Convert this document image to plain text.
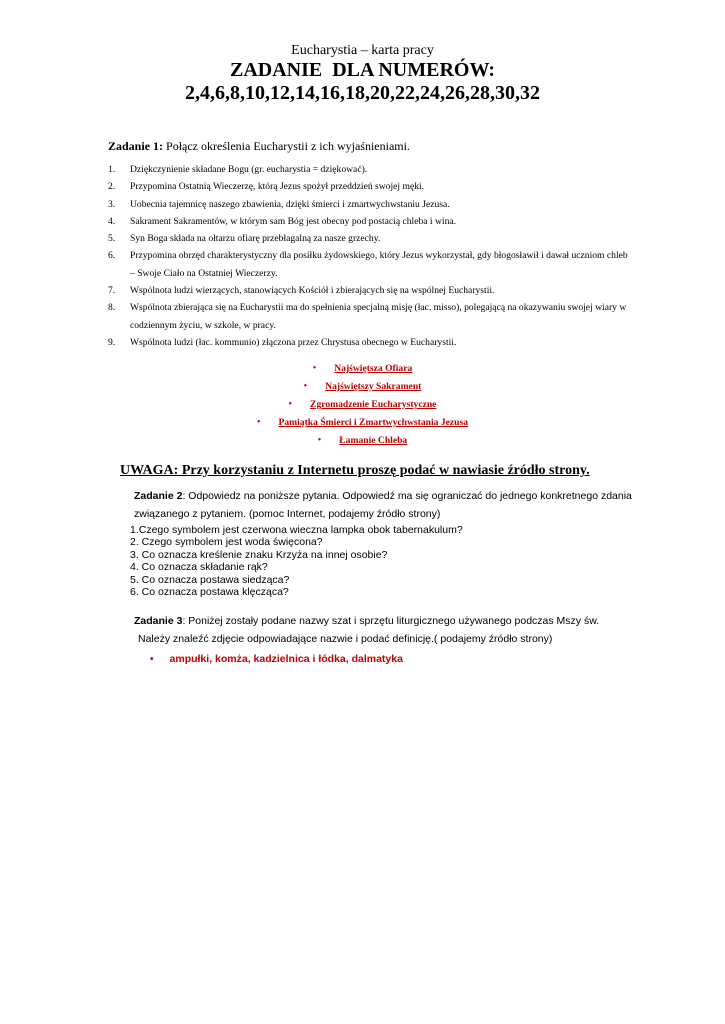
Eucharystia – karta pracy
ZADANIE  DLA NUMERÓW:
2,4,6,8,10,12,14,16,18,20,22,24,26,28,30,32
Zadanie 1: Połącz określenia Eucharystii z ich wyjaśnieniami.
1. Dziękczynienie składane Bogu (gr. eucharystia = dziękować).
2. Przypomina Ostatnią Wieczerzę, którą Jezus spożył przeddzień swojej męki.
3. Uobecnia tajemnicę naszego zbawienia, dzięki śmierci i zmartwychwstaniu Jezusa.
4. Sakrament Sakramentów, w którym sam Bóg jest obecny pod postacią chleba i wina.
5. Syn Boga składa na ołtarzu ofiarę przebłagalną za nasze grzechy.
6. Przypomina obrzęd charakterystyczny dla posiłku żydowskiego, który Jezus wykorzystał, gdy błogosławił i dawał uczniom chleb
– Swoje Ciało na Ostatniej Wieczerzy.
7. Wspólnota ludzi wierzących, stanowiących Kościół i zbierających się na wspólnej Eucharystii.
8. Wspólnota zbierająca się na Eucharystii ma do spełnienia specjalną misję (łac. misso), polegającą na okazywaniu swojej wiary w
codziennym życiu, w szkole, w pracy.
9. Wspólnota ludzi (łac. kommunio) złączona przez Chrystusa obecnego w Eucharystii.
• Najświętsza Ofiara
• Najświętszy Sakrament
• Zgromadzenie Eucharystyczne
• Pamiątka Śmierci i Zmartwychwstania Jezusa
• Łamanie Chleba
UWAGA: Przy korzystaniu z Internetu proszę podać w nawiasie źródło strony.
Zadanie 2: Odpowiedz na poniższe pytania. Odpowiedź ma się ograniczać do jednego konkretnego zdania
związanego z pytaniem. (pomoc Internet, podajemy źródło strony)
1.Czego symbolem jest czerwona wieczna lampka obok tabernakulum?
2. Czego symbolem jest woda święcona?
3. Co oznacza kreślenie znaku Krzyża na innej osobie?
4. Co oznacza składanie rąk?
5. Co oznacza postawa siedząca?
6. Co oznacza postawa klęcząca?
Zadanie 3: Poniżej zostały podane nazwy szat i sprzętu liturgicznego używanego podczas Mszy św.
Należy znaleźć zdjęcie odpowiadające nazwie i podać definicję.( podajemy źródło strony)
• ampułki, komża, kadzielnica i łódka, dalmatyka
